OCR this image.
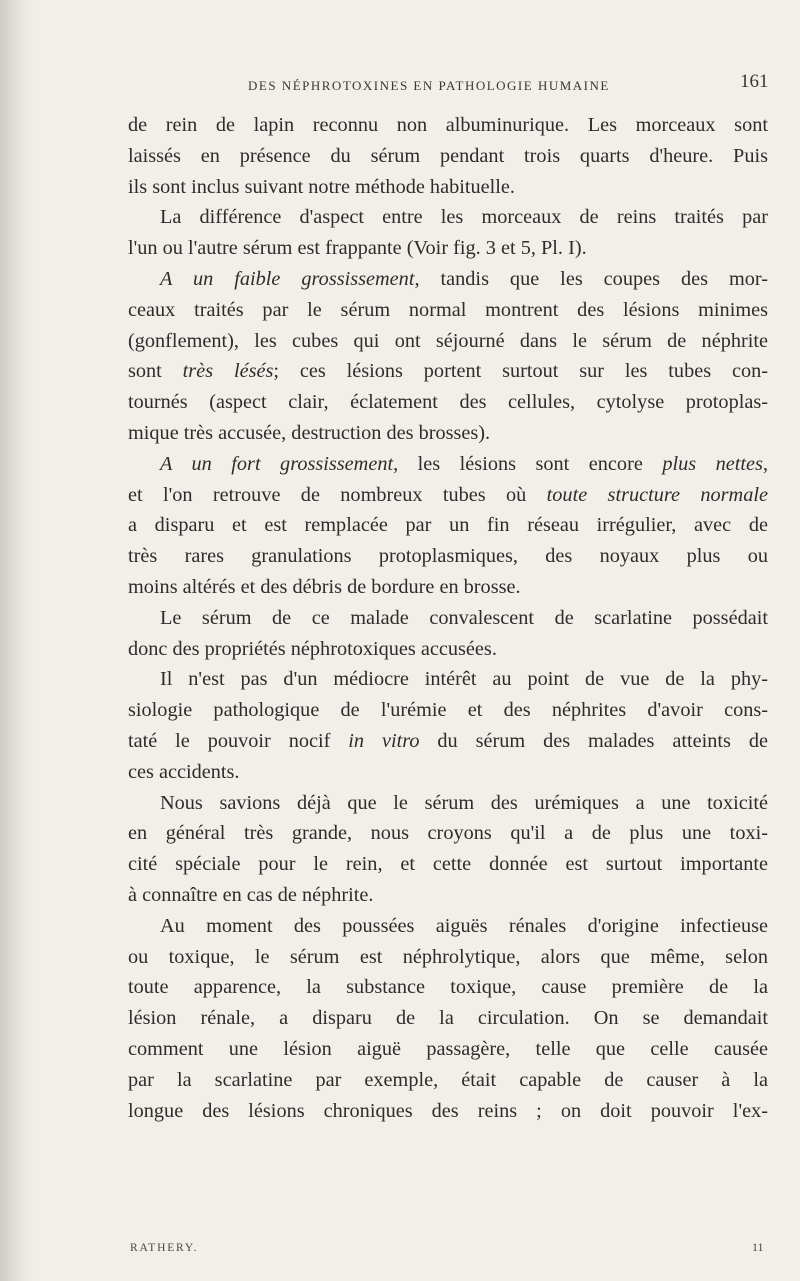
DES NÉPHROTOXINES EN PATHOLOGIE HUMAINE	161
de rein de lapin reconnu non albuminurique. Les morceaux sont
laissés en présence du sérum pendant trois quarts d'heure. Puis
ils sont inclus suivant notre méthode habituelle.
La différence d'aspect entre les morceaux de reins traités par
l'un ou l'autre sérum est frappante (Voir fig. 3 et 5, Pl. I).
A un faible grossissement, tandis que les coupes des mor-
ceaux traités par le sérum normal montrent des lésions minimes
(gonflement), les cubes qui ont séjourné dans le sérum de néphrite
sont très lésés; ces lésions portent surtout sur les tubes con-
tournés (aspect clair, éclatement des cellules, cytolyse protoplas-
mique très accusée, destruction des brosses).
A un fort grossissement, les lésions sont encore plus nettes,
et l'on retrouve de nombreux tubes où toute structure normale
a disparu et est remplacée par un fin réseau irrégulier, avec de
très rares granulations protoplasmiques, des noyaux plus ou
moins altérés et des débris de bordure en brosse.
Le sérum de ce malade convalescent de scarlatine possédait
donc des propriétés néphrotoxiques accusées.
Il n'est pas d'un médiocre intérêt au point de vue de la phy-
siologie pathologique de l'urémie et des néphrites d'avoir cons-
taté le pouvoir nocif in vitro du sérum des malades atteints de
ces accidents.
Nous savions déjà que le sérum des urémiques a une toxicité
en général très grande, nous croyons qu'il a de plus une toxi-
cité spéciale pour le rein, et cette donnée est surtout importante
à connaître en cas de néphrite.
Au moment des poussées aiguës rénales d'origine infectieuse
ou toxique, le sérum est néphrolytique, alors que même, selon
toute apparence, la substance toxique, cause première de la
lésion rénale, a disparu de la circulation. On se demandait
comment une lésion aiguë passagère, telle que celle causée
par la scarlatine par exemple, était capable de causer à la
longue des lésions chroniques des reins ; on doit pouvoir l'ex-
RATHERY.	11
